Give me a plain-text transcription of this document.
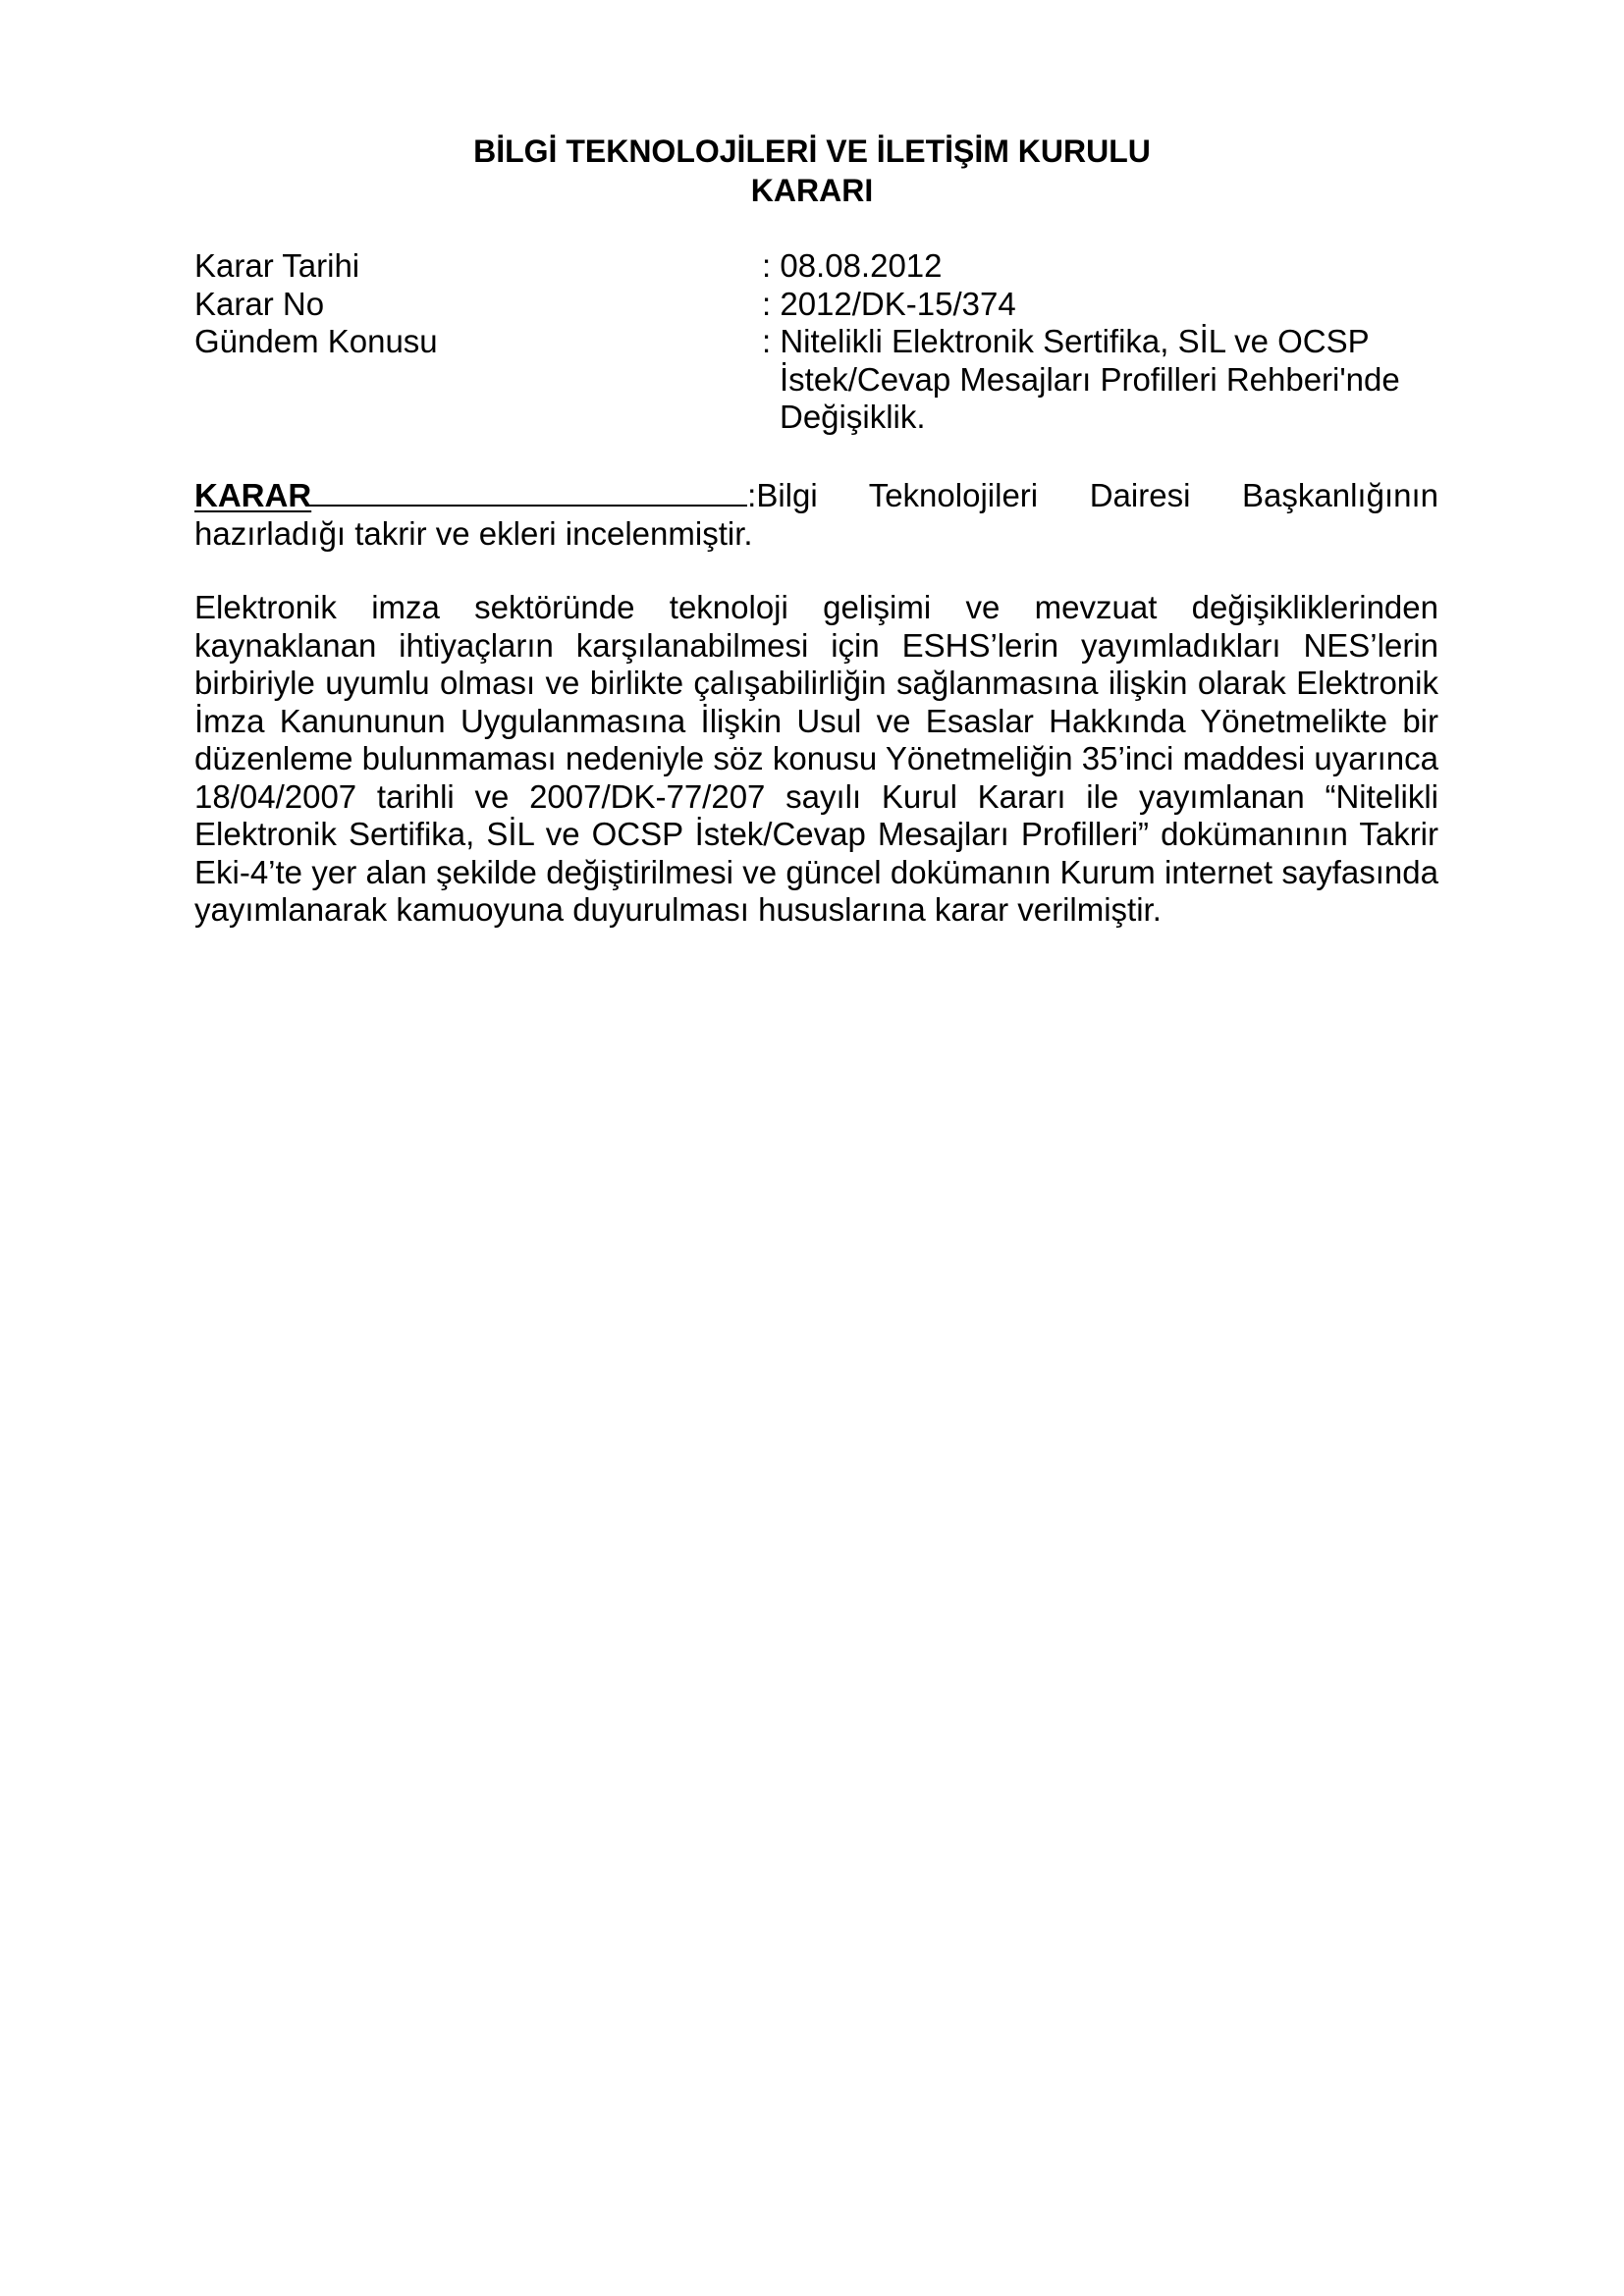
BİLGİ TEKNOLOJİLERİ VE İLETİŞİM KURULU
KARARI
Karar Tarihi	: 08.08.2012
Karar No	: 2012/DK-15/374
Gündem Konusu	: Nitelikli Elektronik Sertifika, SİL ve OCSP
İstek/Cevap Mesajları Profilleri Rehberi'nde
Değişiklik.
KARAR	:Bilgi Teknolojileri Dairesi Başkanlığının hazırladığı takrir ve ekleri incelenmiştir.
Elektronik imza sektöründe teknoloji gelişimi ve mevzuat değişikliklerinden kaynaklanan ihtiyaçların karşılanabilmesi için ESHS’lerin yayımladıkları NES’lerin birbiriyle uyumlu olması ve birlikte çalışabilirliğin sağlanmasına ilişkin olarak Elektronik İmza Kanununun Uygulanmasına İlişkin Usul ve Esaslar Hakkında Yönetmelikte bir düzenleme bulunmaması nedeniyle söz konusu Yönetmeliğin 35’inci maddesi uyarınca 18/04/2007 tarihli ve 2007/DK-77/207 sayılı Kurul Kararı ile yayımlanan “Nitelikli Elektronik Sertifika, SİL ve OCSP İstek/Cevap Mesajları Profilleri” dokümanının Takrir Eki-4’te yer alan şekilde değiştirilmesi ve güncel dokümanın Kurum internet sayfasında yayımlanarak kamuoyuna duyurulması hususlarına karar verilmiştir.
